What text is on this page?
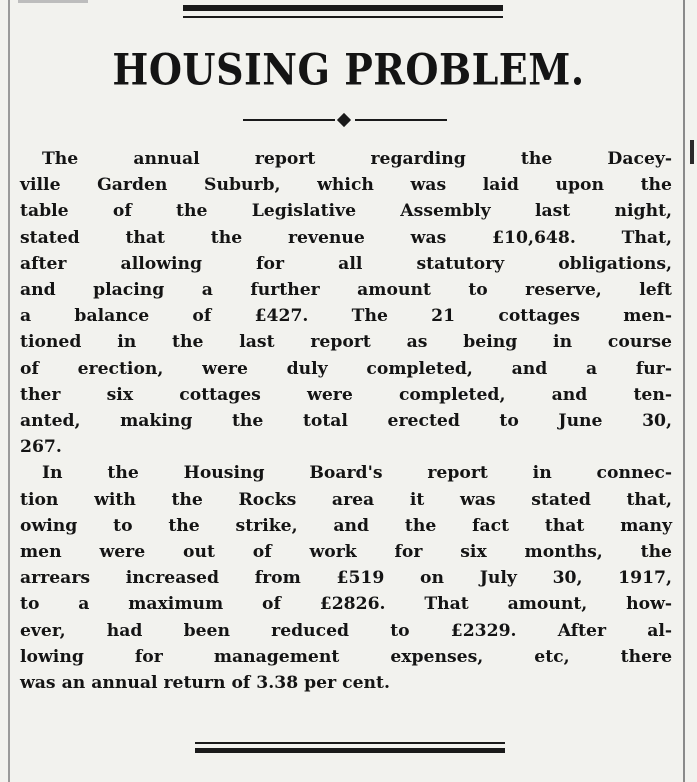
HOUSING PROBLEM.
The annual report regarding the Dacey-
ville Garden Suburb, which was laid upon the
table of the Legislative Assembly last night,
stated that the revenue was £10,648. That,
after allowing for all statutory obligations,
and placing a further amount to reserve, left
a balance of £427. The 21 cottages men-
tioned in the last report as being in course
of erection, were duly completed, and a fur-
ther six cottages were completed, and ten-
anted, making the total erected to June 30,
267.
In the Housing Board's report in connec-
tion with the Rocks area it was stated that,
owing to the strike, and the fact that many
men were out of work for six months, the
arrears increased from £519 on July 30, 1917,
to a maximum of £2826. That amount, how-
ever, had been reduced to £2329. After al-
lowing for management expenses, etc, there
was an annual return of 3.38 per cent.
